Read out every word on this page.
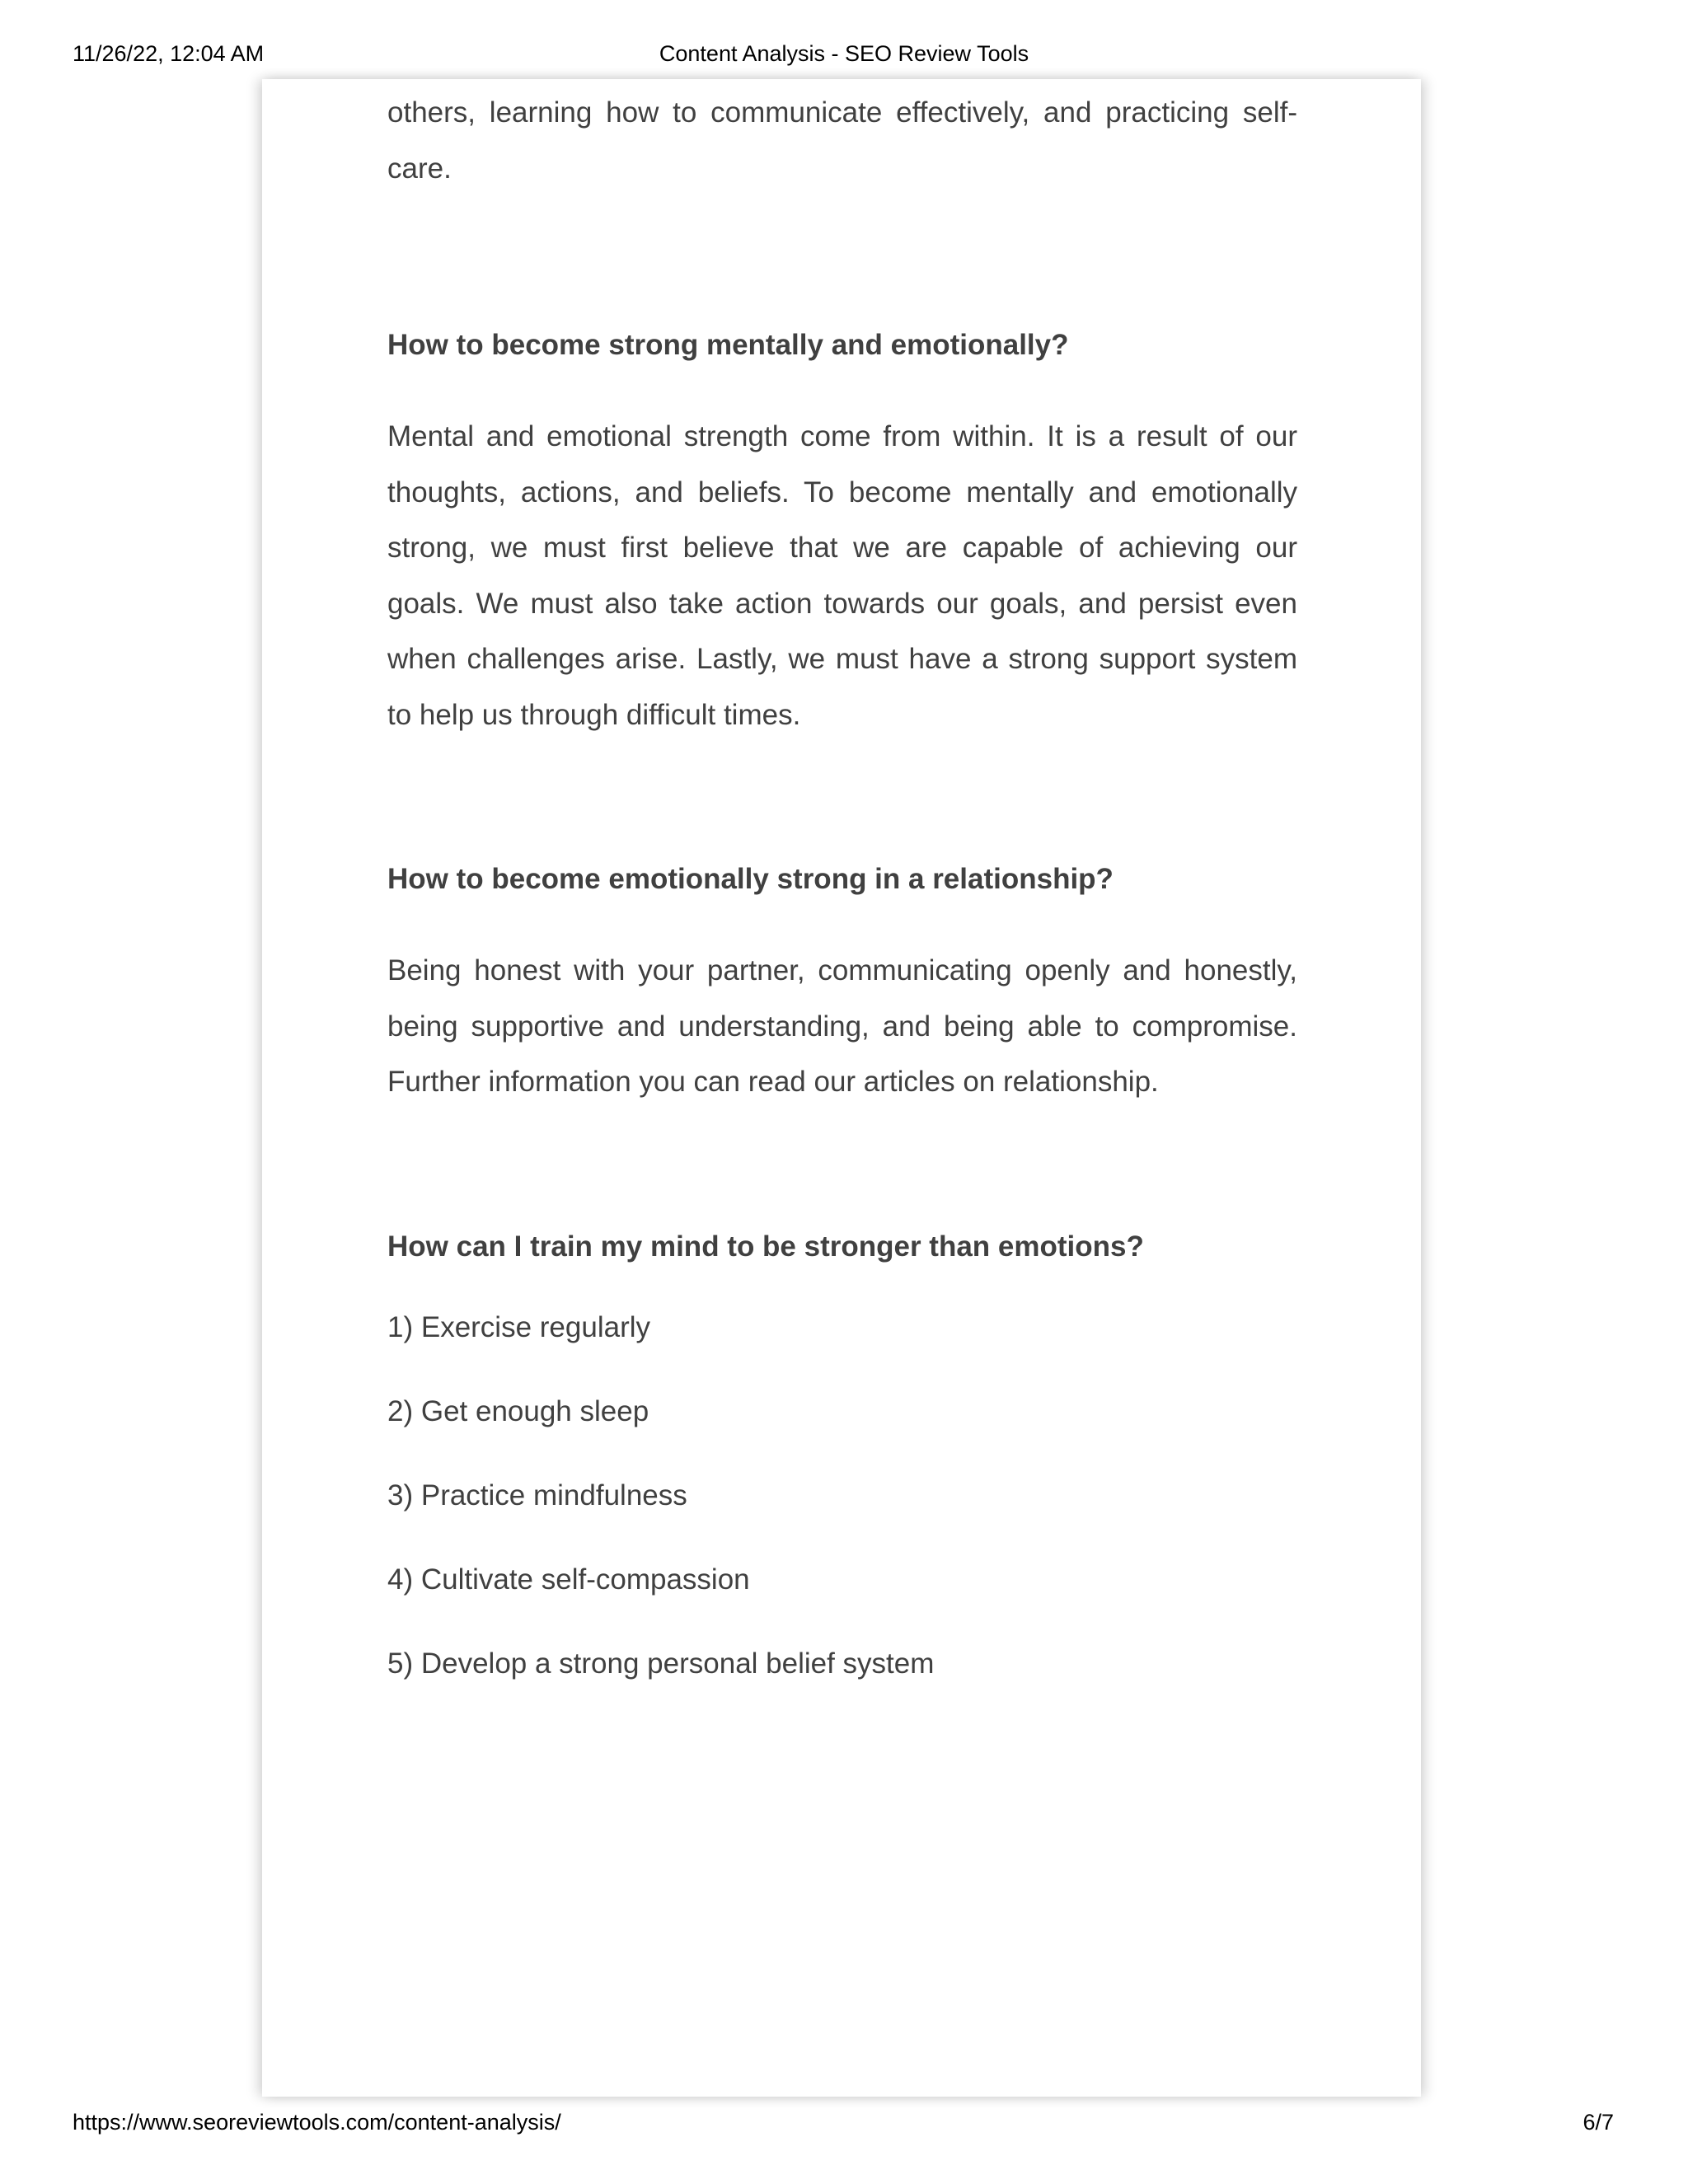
11/26/22, 12:04 AM	Content Analysis - SEO Review Tools

others, learning how to communicate effectively, and practicing self-care.

How to become strong mentally and emotionally?

Mental and emotional strength come from within. It is a result of our thoughts, actions, and beliefs. To become mentally and emotionally strong, we must first believe that we are capable of achieving our goals. We must also take action towards our goals, and persist even when challenges arise. Lastly, we must have a strong support system to help us through difficult times.

How to become emotionally strong in a relationship?

Being honest with your partner, communicating openly and honestly, being supportive and understanding, and being able to compromise. Further information you can read our articles on relationship.

How can I train my mind to be stronger than emotions?
1) Exercise regularly
2) Get enough sleep
3) Practice mindfulness
4) Cultivate self-compassion
5) Develop a strong personal belief system
https://www.seoreviewtools.com/content-analysis/	6/7
